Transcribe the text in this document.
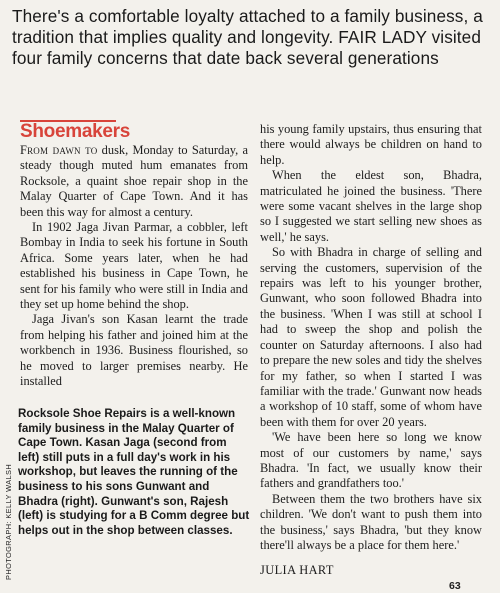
There's a comfortable loyalty attached to a family business, a tradition that implies quality and longevity. FAIR LADY visited four family concerns that date back several generations
Shoemakers

From dawn to dusk, Monday to Saturday, a steady though muted hum emanates from Rocksole, a quaint shoe repair shop in the Malay Quarter of Cape Town. And it has been this way for almost a century.

In 1902 Jaga Jivan Parmar, a cobbler, left Bombay in India to seek his fortune in South Africa. Some years later, when he had established his business in Cape Town, he sent for his family who were still in India and they set up home behind the shop.

Jaga Jivan's son Kasan learnt the trade from helping his father and joined him at the workbench in 1936. Business flourished, so he moved to larger premises nearby. He installed

Rocksole Shoe Repairs is a well-known family business in the Malay Quarter of Cape Town. Kasan Jaga (second from left) still puts in a full day's work in his workshop, but leaves the running of the business to his sons Gunwant and Bhadra (right). Gunwant's son, Rajesh (left) is studying for a B Comm degree but helps out in the shop between classes.
PHOTOGRAPH: KELLY WALSH

his young family upstairs, thus ensuring that there would always be children on hand to help.

When the eldest son, Bhadra, matriculated he joined the business. 'There were some vacant shelves in the large shop so I suggested we start selling new shoes as well,' he says.

So with Bhadra in charge of selling and serving the customers, supervision of the repairs was left to his younger brother, Gunwant, who soon followed Bhadra into the business. 'When I was still at school I had to sweep the shop and polish the counter on Saturday afternoons. I also had to prepare the new soles and tidy the shelves for my father, so when I started I was familiar with the trade.' Gunwant now heads a workshop of 10 staff, some of whom have been with them for over 20 years.

'We have been here so long we know most of our customers by name,' says Bhadra. 'In fact, we usually know their fathers and grandfathers too.'

Between them the two brothers have six children. 'We don't want to push them into the business,' says Bhadra, 'but they know there'll always be a place for them here.'

JULIA HART
63
